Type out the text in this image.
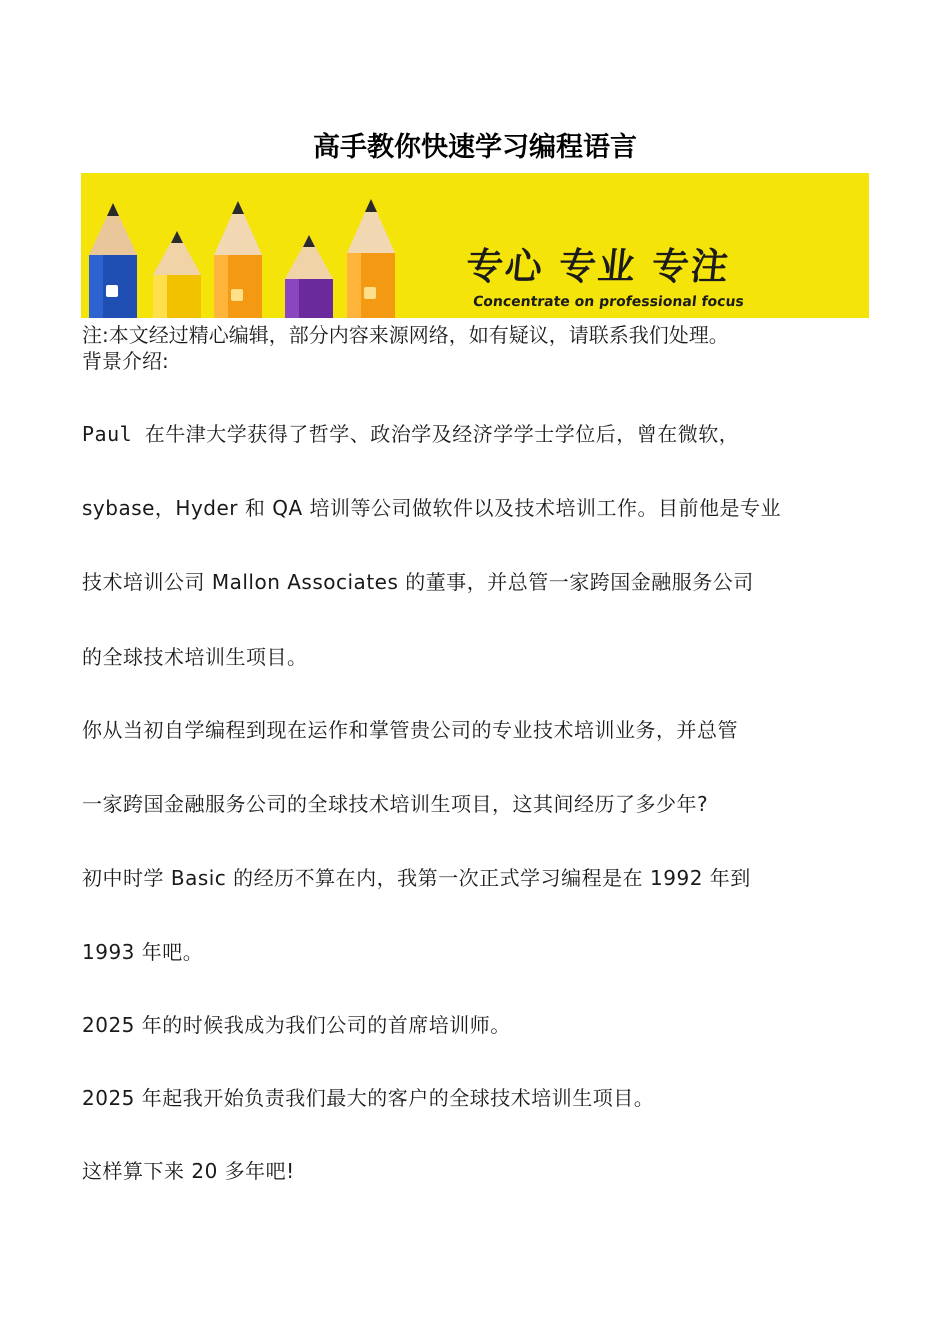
高手教你快速学习编程语言
专心 专业 专注
Concentrate on professional focus

注:本文经过精心编辑，部分内容来源网络，如有疑议，请联系我们处理。

背景介绍:

Paul 在牛津大学获得了哲学、政治学及经济学学士学位后，曾在微软，

sybase，Hyder 和 QA 培训等公司做软件以及技术培训工作。目前他是专业

技术培训公司 Mallon Associates 的董事，并总管一家跨国金融服务公司

的全球技术培训生项目。

你从当初自学编程到现在运作和掌管贵公司的专业技术培训业务，并总管

一家跨国金融服务公司的全球技术培训生项目，这其间经历了多少年?

初中时学 Basic 的经历不算在内，我第一次正式学习编程是在 1992 年到

1993 年吧。

2025 年的时候我成为我们公司的首席培训师。

2025 年起我开始负责我们最大的客户的全球技术培训生项目。

这样算下来 20 多年吧!
